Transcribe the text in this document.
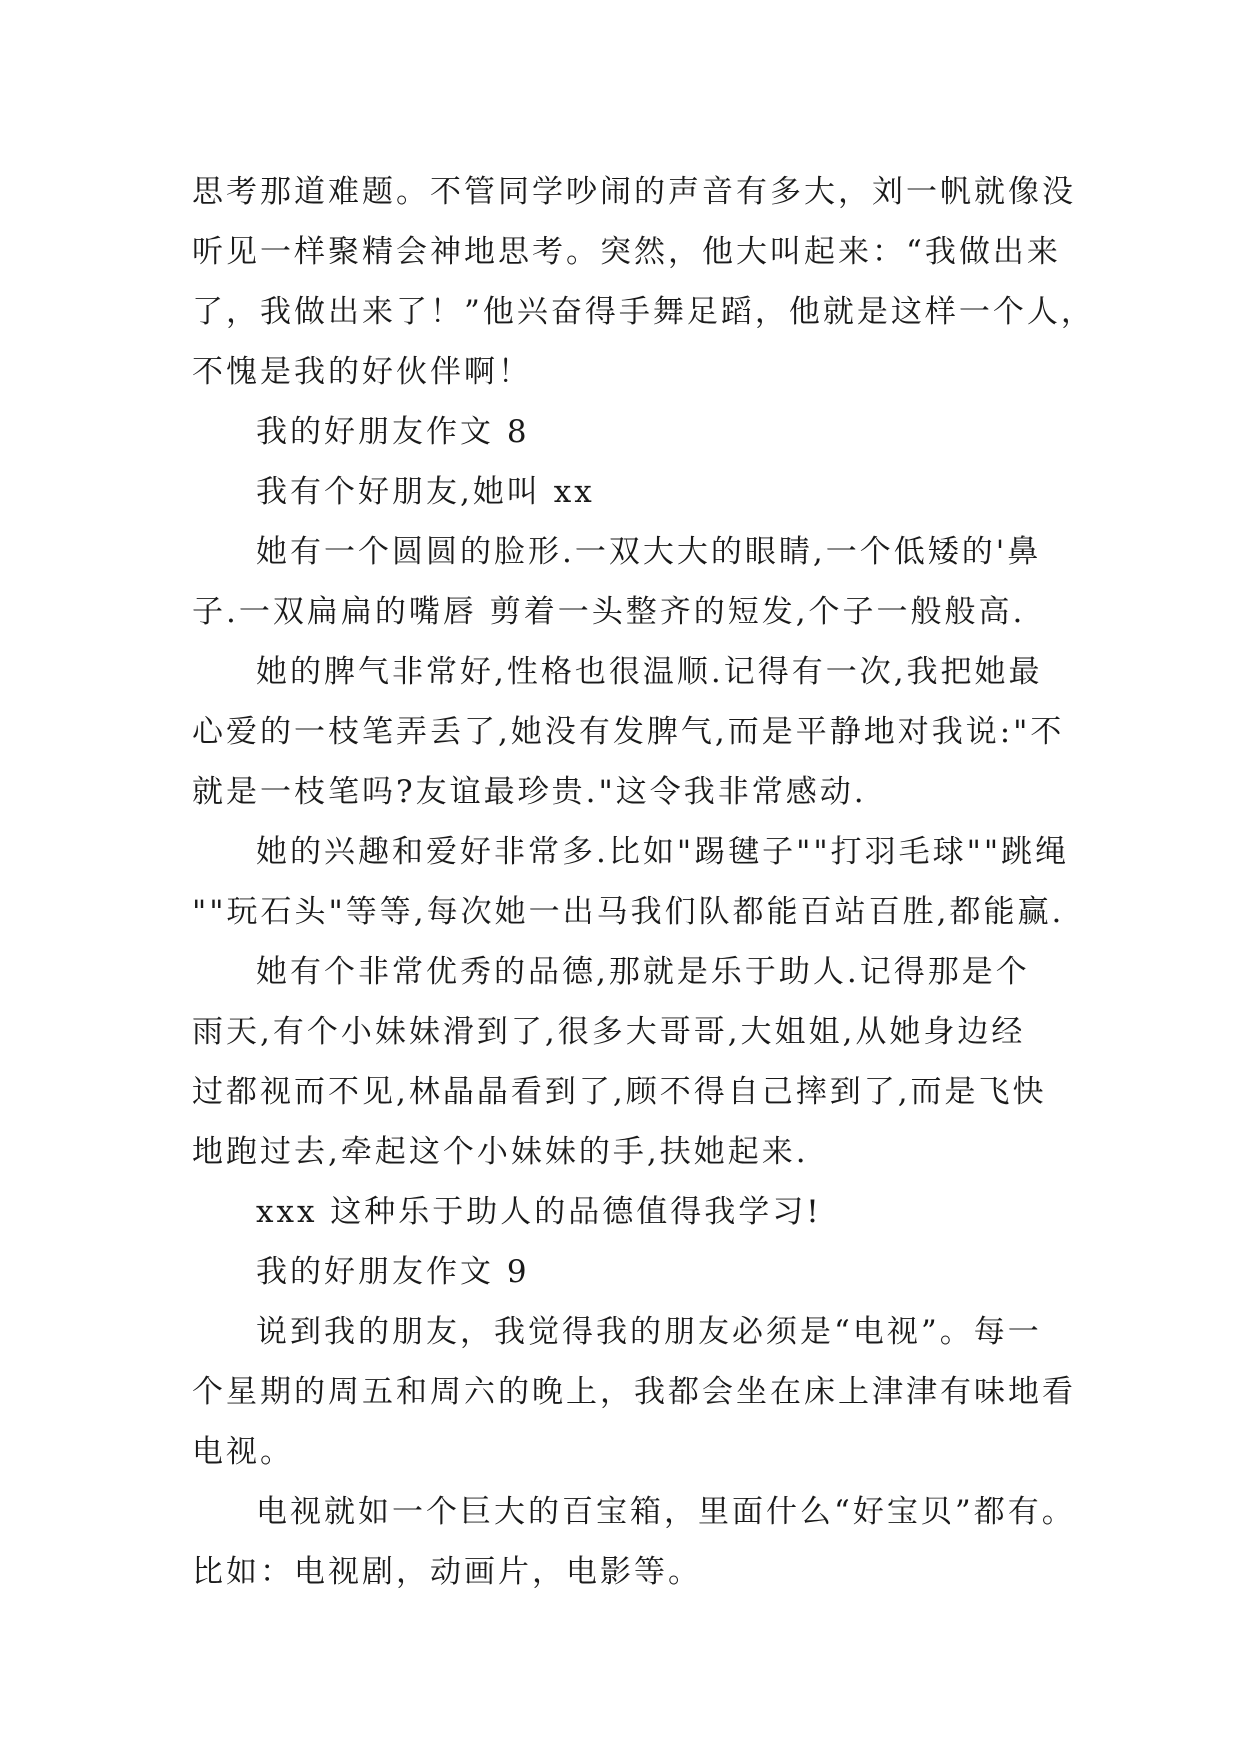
思考那道难题。不管同学吵闹的声音有多大，刘一帆就像没
听见一样聚精会神地思考。突然，他大叫起来：“我做出来
了，我做出来了！”他兴奋得手舞足蹈，他就是这样一个人，
不愧是我的好伙伴啊！
我的好朋友作文 8
我有个好朋友,她叫 xx
她有一个圆圆的脸形.一双大大的眼睛,一个低矮的'鼻
子.一双扁扁的嘴唇 剪着一头整齐的短发,个子一般般高.
她的脾气非常好,性格也很温顺.记得有一次,我把她最
心爱的一枝笔弄丢了,她没有发脾气,而是平静地对我说:"不
就是一枝笔吗?友谊最珍贵."这令我非常感动.
她的兴趣和爱好非常多.比如"踢毽子""打羽毛球""跳绳
""玩石头"等等,每次她一出马我们队都能百站百胜,都能赢.
她有个非常优秀的品德,那就是乐于助人.记得那是个
雨天,有个小妹妹滑到了,很多大哥哥,大姐姐,从她身边经
过都视而不见,林晶晶看到了,顾不得自己摔到了,而是飞快
地跑过去,牵起这个小妹妹的手,扶她起来.
xxx 这种乐于助人的品德值得我学习!
我的好朋友作文 9
说到我的朋友，我觉得我的朋友必须是“电视”。每一
个星期的周五和周六的晚上，我都会坐在床上津津有味地看
电视。
电视就如一个巨大的百宝箱，里面什么“好宝贝”都有。
比如：电视剧，动画片，电影等。
